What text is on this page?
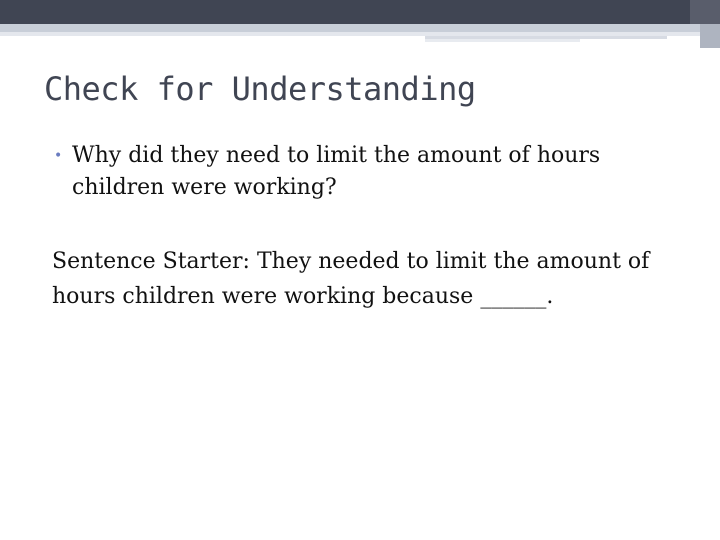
Check for Understanding
• Why did they need to limit the amount of hours children were working?

Sentence Starter: They needed to limit the amount of hours children were working because ______.
